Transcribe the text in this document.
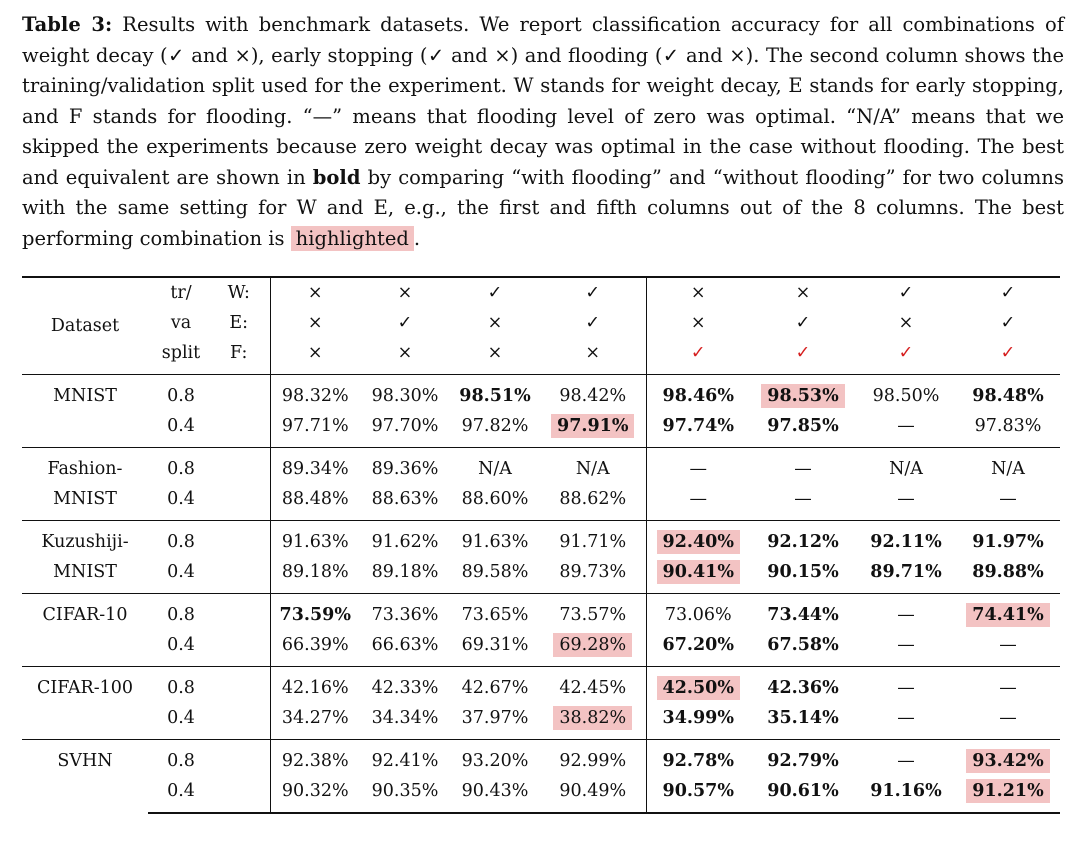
Table 3: Results with benchmark datasets. We report classification accuracy for all combinations of weight decay (✓ and ×), early stopping (✓ and ×) and flooding (✓ and ×). The second column shows the training/validation split used for the experiment. W stands for weight decay, E stands for early stopping, and F stands for flooding. “—” means that flooding level of zero was optimal. “N/A” means that we skipped the experiments because zero weight decay was optimal in the case without flooding. The best and equivalent are shown in bold by comparing “with flooding” and “without flooding” for two columns with the same setting for W and E, e.g., the first and fifth columns out of the 8 columns. The best performing combination is highlighted .
Dataset	tr/	W:	×	×	✓	✓	×	×	✓	✓
	va	E:	×	✓	×	✓	×	✓	×	✓
	split	F:	×	×	×	×	✓	✓	✓	✓

MNIST	0.8		98.32%	98.30%	98.51%	98.42%	98.46%	98.53%	98.50%	98.48%
	0.4		97.71%	97.70%	97.82%	97.91%	97.74%	97.85%	—	97.83%

Fashion-
MNIST	0.8		89.34%	89.36%	N/A	N/A	—	—	N/A	N/A
	0.4		88.48%	88.63%	88.60%	88.62%	—	—	—	—

Kuzushiji-
MNIST	0.8		91.63%	91.62%	91.63%	91.71%	92.40%	92.12%	92.11%	91.97%
	0.4		89.18%	89.18%	89.58%	89.73%	90.41%	90.15%	89.71%	89.88%

CIFAR-10	0.8		73.59%	73.36%	73.65%	73.57%	73.06%	73.44%	—	74.41%
	0.4		66.39%	66.63%	69.31%	69.28%	67.20%	67.58%	—	—

CIFAR-100	0.8		42.16%	42.33%	42.67%	42.45%	42.50%	42.36%	—	—
	0.4		34.27%	34.34%	37.97%	38.82%	34.99%	35.14%	—	—

SVHN	0.8		92.38%	92.41%	93.20%	92.99%	92.78%	92.79%	—	93.42%
	0.4		90.32%	90.35%	90.43%	90.49%	90.57%	90.61%	91.16%	91.21%
